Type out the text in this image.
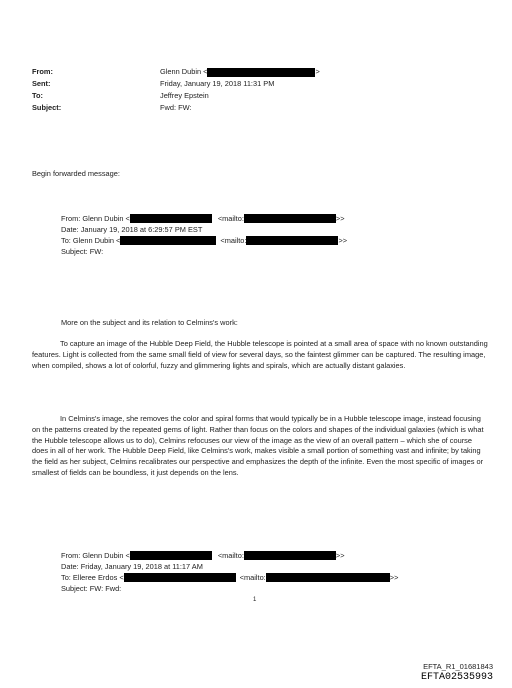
From:	Glenn Dubin <	>
Sent:	Friday, January 19, 2018 11:31 PM
To:	Jeffrey Epstein
Subject:	Fwd: FW:
Begin forwarded message:
From: Glenn Dubin <	<mailto:	>>
Date: January 19, 2018 at 6:29:57 PM EST
To: Glenn Dubin <	<mailto:	>>
Subject: FW:
More on the subject and its relation to Celmins's work:

To capture an image of the Hubble Deep Field, the Hubble telescope is pointed at a small area of space with no known outstanding features. Light is collected from the same small field of view for several days, so the faintest glimmer can be captured. The resulting image, when compiled, shows a lot of colorful, fuzzy and glimmering lights and spirals, which are actually distant galaxies.

In Celmins's image, she removes the color and spiral forms that would typically be in a Hubble telescope image, instead focusing on the patterns created by the repeated gems of light. Rather than focus on the colors and shapes of the individual galaxies (which is what the Hubble telescope allows us to do), Celmins refocuses our view of the image as the view of an overall pattern – which she of course does in all of her work. The Hubble Deep Field, like Celmins's work, makes visible a small portion of something vast and infinite; by taking the field as her subject, Celmins recalibrates our perspective and emphasizes the depth of the infinite. Even the most specific of images or smallest of fields can be boundless, it just depends on the lens.

From: Glenn Dubin <	<mailto:	>>
Date: Friday, January 19, 2018 at 11:17 AM
To: Elleree Erdos <	<mailto:	>>
Subject: FW: Fwd:
1
EFTA_R1_01681843
EFTA02535993
